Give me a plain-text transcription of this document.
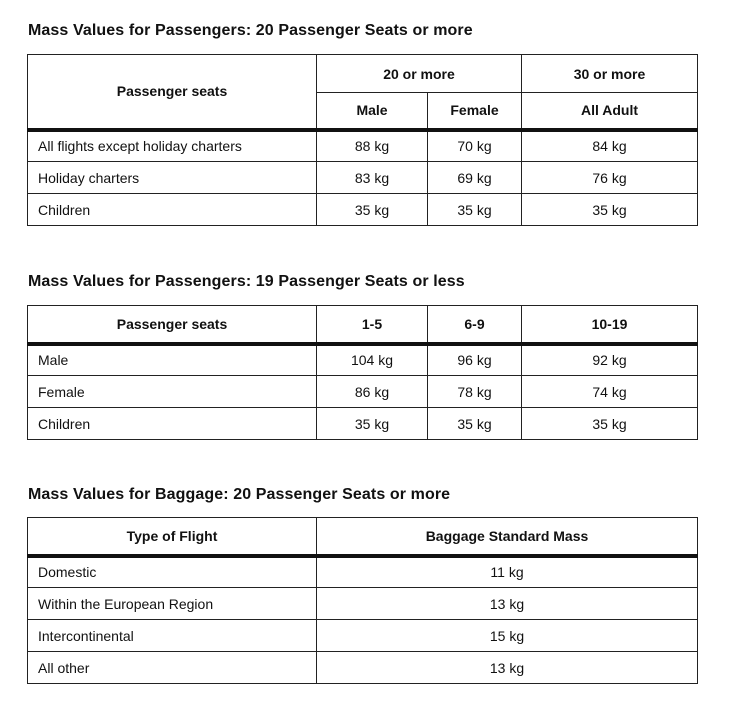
Mass Values for Passengers: 20 Passenger Seats or more
Passenger seats	20 or more		30 or more
	Male	Female	All Adult
All flights except holiday charters	88 kg	70 kg	84 kg
Holiday charters	83 kg	69 kg	76 kg
Children	35 kg	35 kg	35 kg
Mass Values for Passengers: 19 Passenger Seats or less
Passenger seats	1-5	6-9	10-19
Male	104 kg	96 kg	92 kg
Female	86 kg	78 kg	74 kg
Children	35 kg	35 kg	35 kg
Mass Values for Baggage: 20 Passenger Seats or more
Type of Flight	Baggage Standard Mass
Domestic	11 kg
Within the European Region	13 kg
Intercontinental	15 kg
All other	13 kg
